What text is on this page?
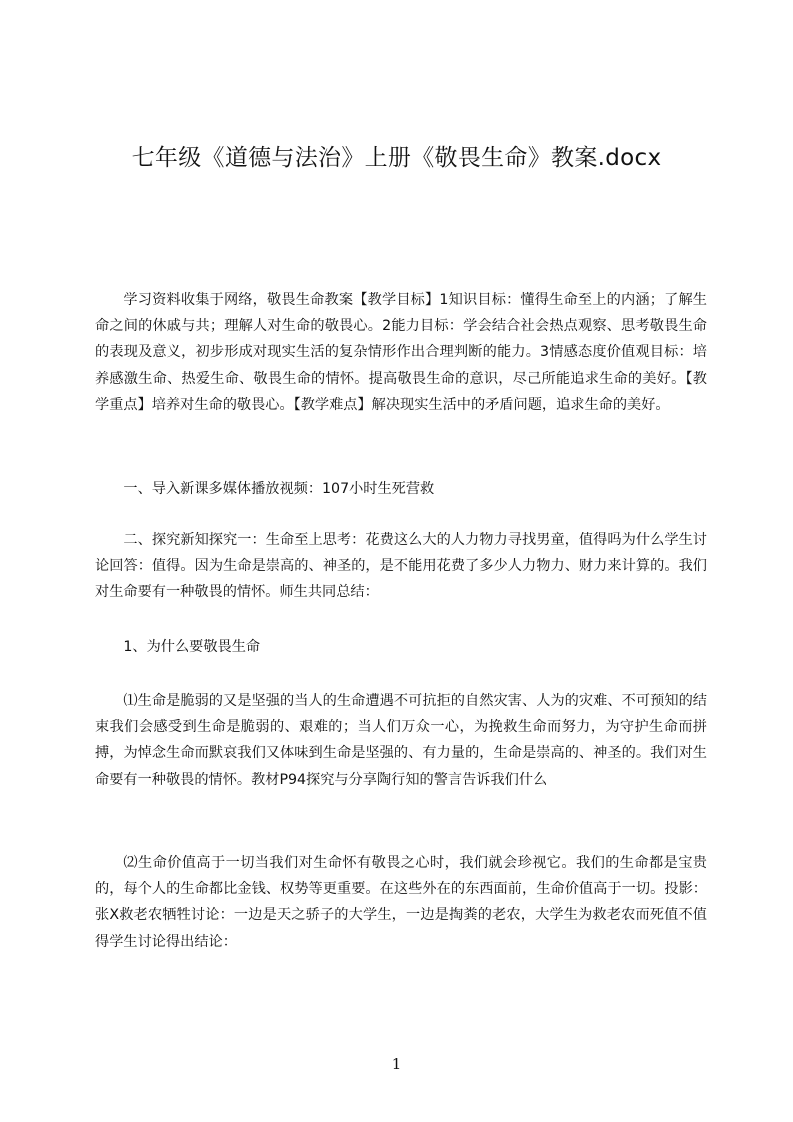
七年级《道德与法治》上册《敬畏生命》教案.docx

学习资料收集于网络，敬畏生命教案【教学目标】1知识目标：懂得生命至上的内涵；了解生命之间的休戚与共；理解人对生命的敬畏心。2能力目标：学会结合社会热点观察、思考敬畏生命的表现及意义，初步形成对现实生活的复杂情形作出合理判断的能力。3情感态度价值观目标：培养感激生命、热爱生命、敬畏生命的情怀。提高敬畏生命的意识，尽己所能追求生命的美好。【教学重点】培养对生命的敬畏心。【教学难点】解决现实生活中的矛盾问题，追求生命的美好。

一、导入新课多媒体播放视频：107小时生死营救

二、探究新知探究一：生命至上思考：花费这么大的人力物力寻找男童，值得吗为什么学生讨论回答：值得。因为生命是崇高的、神圣的，是不能用花费了多少人力物力、财力来计算的。我们对生命要有一种敬畏的情怀。师生共同总结：

1、为什么要敬畏生命

⑴生命是脆弱的又是坚强的当人的生命遭遇不可抗拒的自然灾害、人为的灾难、不可预知的结束我们会感受到生命是脆弱的、艰难的；当人们万众一心，为挽救生命而努力，为守护生命而拼搏，为悼念生命而默哀我们又体味到生命是坚强的、有力量的，生命是崇高的、神圣的。我们对生命要有一种敬畏的情怀。教材P94探究与分享陶行知的警言告诉我们什么

⑵生命价值高于一切当我们对生命怀有敬畏之心时，我们就会珍视它。我们的生命都是宝贵的，每个人的生命都比金钱、权势等更重要。在这些外在的东西面前，生命价值高于一切。投影：张X救老农牺牲讨论：一边是天之骄子的大学生，一边是掏粪的老农，大学生为救老农而死值不值得学生讨论得出结论：

1
